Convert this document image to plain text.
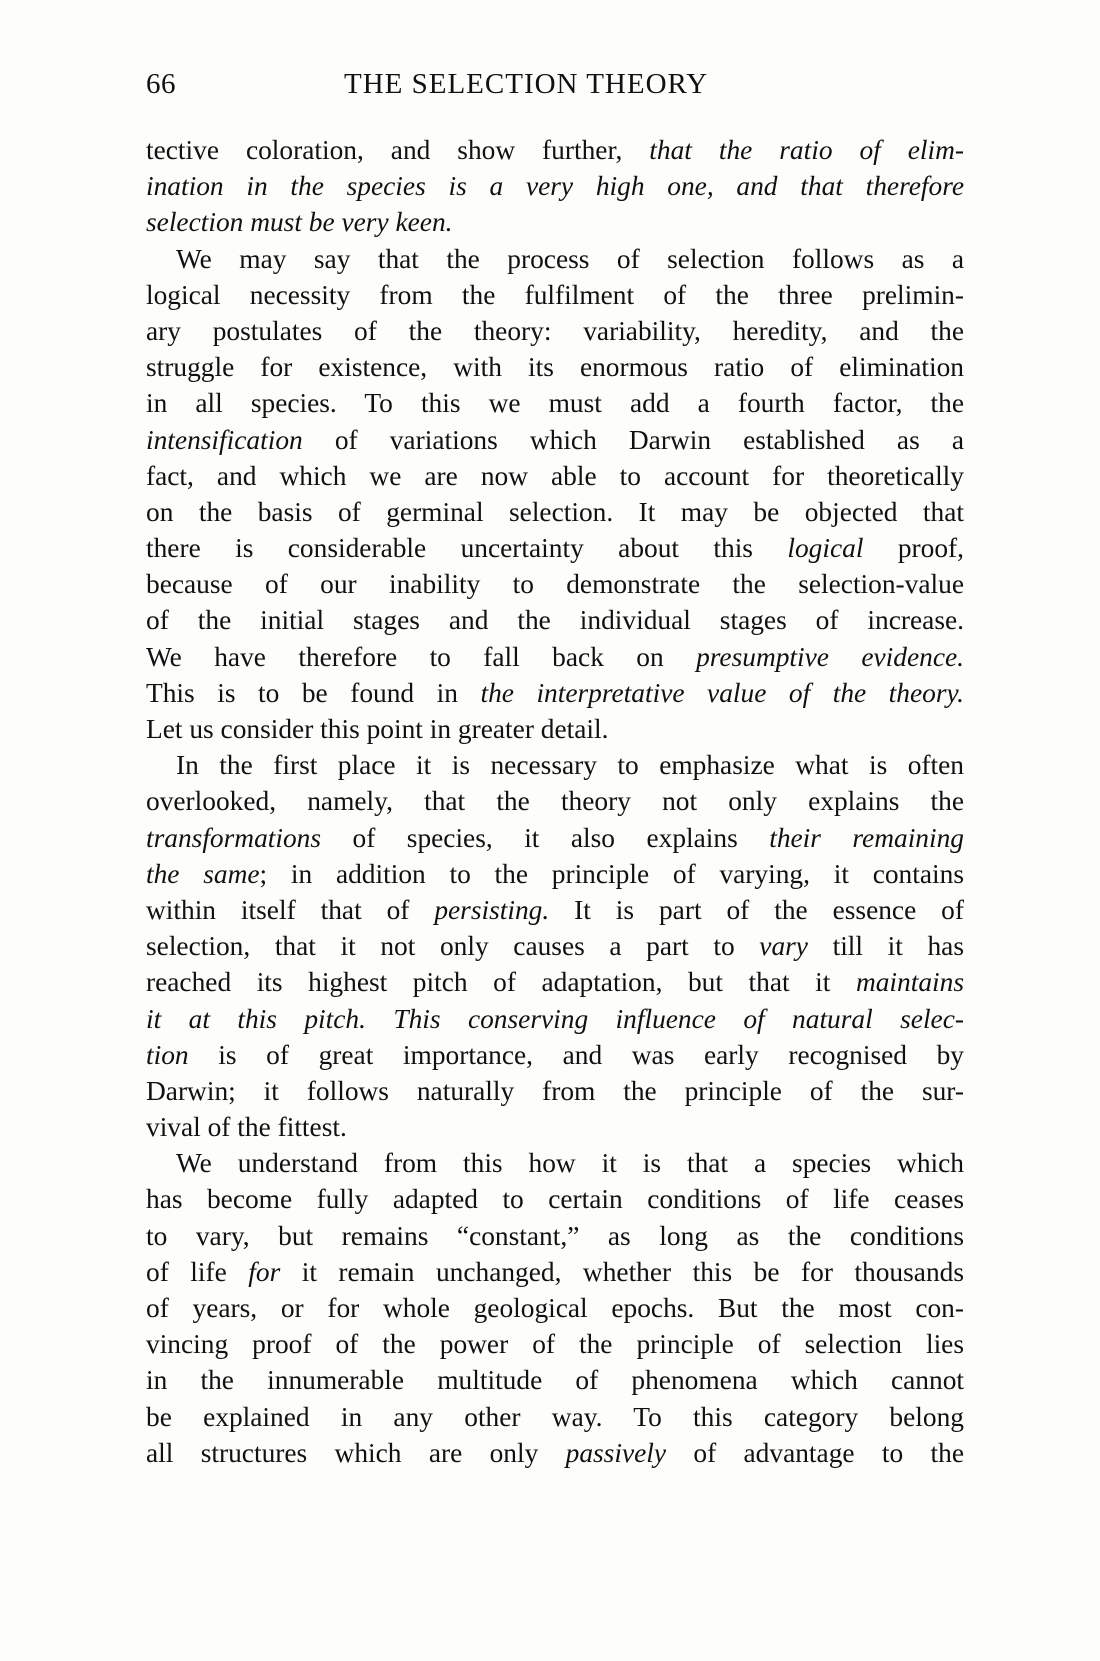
66	THE SELECTION THEORY
tective coloration, and show further, that the ratio of elim-
ination in the species is a very high one, and that therefore
selection must be very keen.
We may say that the process of selection follows as a
logical necessity from the fulfilment of the three prelimin-
ary postulates of the theory: variability, heredity, and the
struggle for existence, with its enormous ratio of elimination
in all species. To this we must add a fourth factor, the
intensification of variations which Darwin established as a
fact, and which we are now able to account for theoretically
on the basis of germinal selection. It may be objected that
there is considerable uncertainty about this logical proof,
because of our inability to demonstrate the selection-value
of the initial stages and the individual stages of increase.
We have therefore to fall back on presumptive evidence.
This is to be found in the interpretative value of the theory.
Let us consider this point in greater detail.
In the first place it is necessary to emphasize what is often
overlooked, namely, that the theory not only explains the
transformations of species, it also explains their remaining
the same; in addition to the principle of varying, it contains
within itself that of persisting. It is part of the essence of
selection, that it not only causes a part to vary till it has
reached its highest pitch of adaptation, but that it maintains
it at this pitch. This conserving influence of natural selec-
tion is of great importance, and was early recognised by
Darwin; it follows naturally from the principle of the sur-
vival of the fittest.
We understand from this how it is that a species which
has become fully adapted to certain conditions of life ceases
to vary, but remains “constant,” as long as the conditions
of life for it remain unchanged, whether this be for thousands
of years, or for whole geological epochs. But the most con-
vincing proof of the power of the principle of selection lies
in the innumerable multitude of phenomena which cannot
be explained in any other way. To this category belong
all structures which are only passively of advantage to the
